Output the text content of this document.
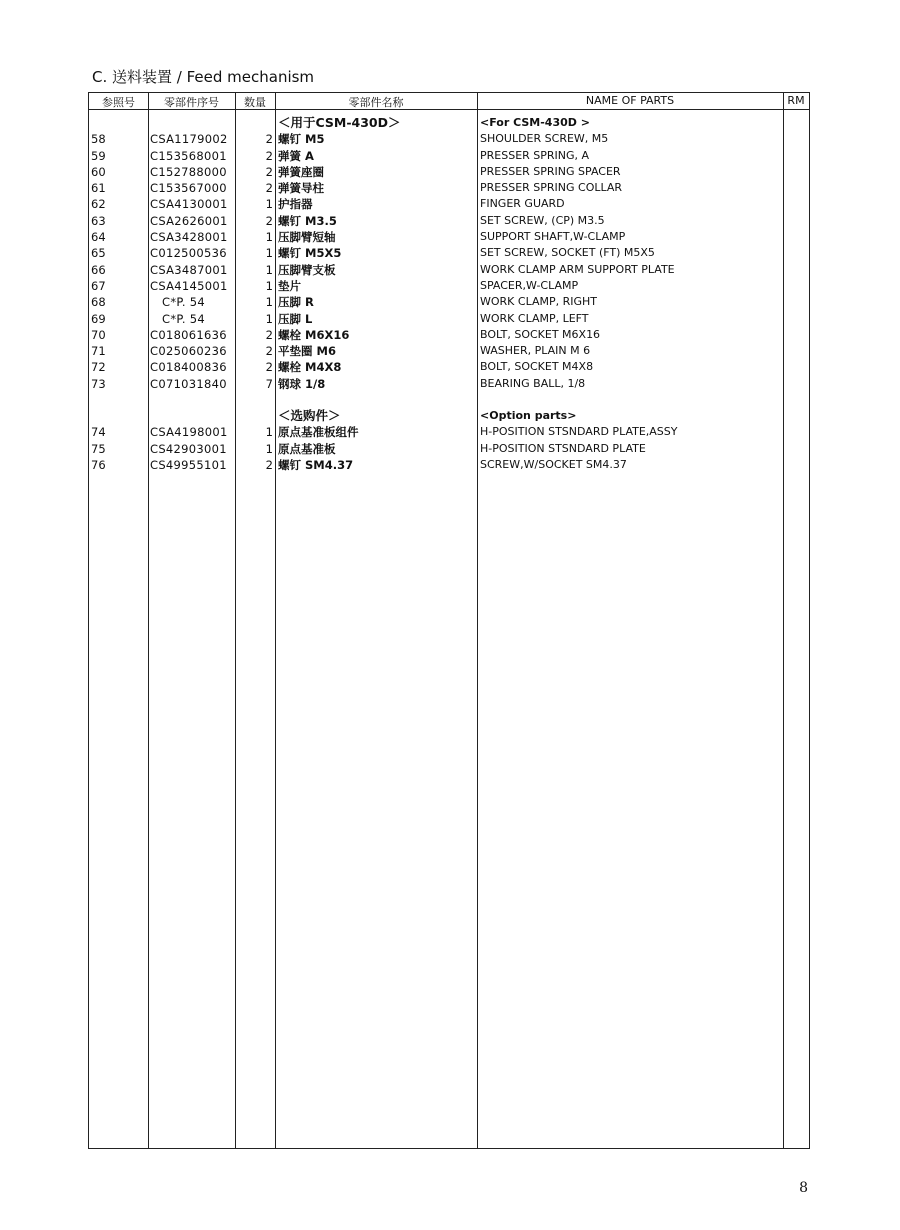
C. 送料装置 / Feed mechanism
参照号	零部件序号	数量	零部件名称	NAME OF PARTS	RM
＜用于CSM-430D＞	<For CSM-430D >
58	CSA1179002	2 螺钉 M5	SHOULDER SCREW, M5
59	C153568001	2 弹簧 A	PRESSER SPRING, A
60	C152788000	2 弹簧座圈	PRESSER SPRING SPACER
61	C153567000	2 弹簧导柱	PRESSER SPRING COLLAR
62	CSA4130001	1 护指器	FINGER GUARD
63	CSA2626001	2 螺钉 M3.5	SET SCREW, (CP) M3.5
64	CSA3428001	1 压脚臂短轴	SUPPORT SHAFT,W-CLAMP
65	C012500536	1 螺钉 M5X5	SET SCREW, SOCKET (FT) M5X5
66	CSA3487001	1 压脚臂支板	WORK CLAMP ARM SUPPORT PLATE
67	CSA4145001	1 垫片	SPACER,W-CLAMP
68	C*P. 54	1 压脚 R	WORK CLAMP, RIGHT
69	C*P. 54	1 压脚 L	WORK CLAMP, LEFT
70	C018061636	2 螺栓 M6X16	BOLT, SOCKET M6X16
71	C025060236	2 平垫圈 M6	WASHER, PLAIN M 6
72	C018400836	2 螺栓 M4X8	BOLT, SOCKET M4X8
73	C071031840	7 钢球 1/8	BEARING BALL, 1/8
＜选购件＞	<Option parts>
74	CSA4198001	1 原点基准板组件	H-POSITION STSNDARD PLATE,ASSY
75	CS42903001	1 原点基准板	H-POSITION STSNDARD PLATE
76	CS49955101	2 螺钉 SM4.37	SCREW,W/SOCKET SM4.37
8
